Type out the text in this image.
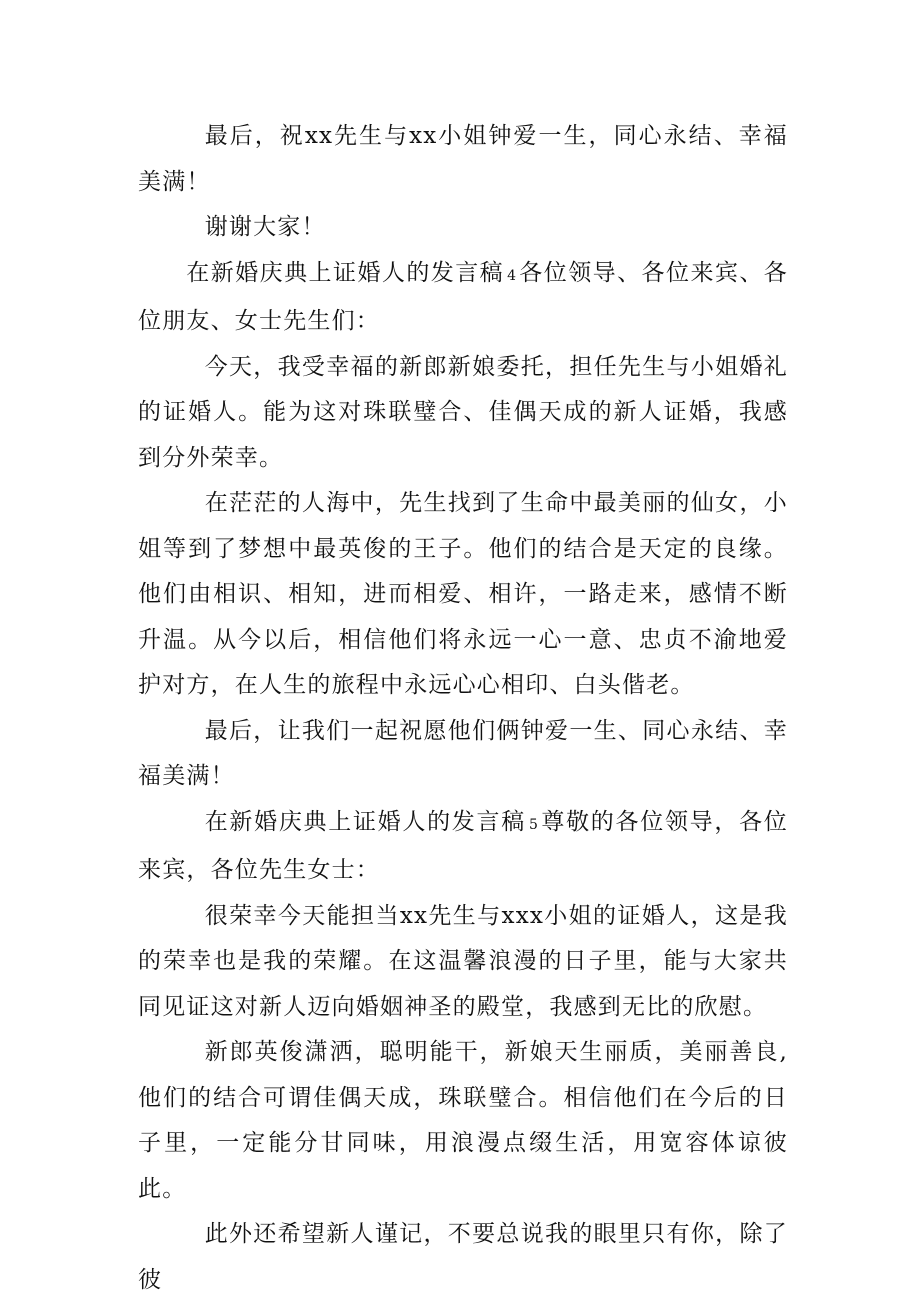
最后，祝xx先生与xx小姐钟爱一生，同心永结、幸福美满！

谢谢大家！

在新婚庆典上证婚人的发言稿 4 各位领导、各位来宾、各位朋友、女士先生们：

今天，我受幸福的新郎新娘委托，担任先生与小姐婚礼的证婚人。能为这对珠联璧合、佳偶天成的新人证婚，我感到分外荣幸。

在茫茫的人海中，先生找到了生命中最美丽的仙女，小姐等到了梦想中最英俊的王子。他们的结合是天定的良缘。他们由相识、相知，进而相爱、相许，一路走来，感情不断升温。从今以后，相信他们将永远一心一意、忠贞不渝地爱护对方，在人生的旅程中永远心心相印、白头偕老。

最后，让我们一起祝愿他们俩钟爱一生、同心永结、幸福美满！

在新婚庆典上证婚人的发言稿 5 尊敬的各位领导，各位来宾，各位先生女士：

很荣幸今天能担当xx先生与xxx小姐的证婚人，这是我的荣幸也是我的荣耀。在这温馨浪漫的日子里，能与大家共同见证这对新人迈向婚姻神圣的殿堂，我感到无比的欣慰。

新郎英俊潇洒，聪明能干，新娘天生丽质，美丽善良,他们的结合可谓佳偶天成，珠联璧合。相信他们在今后的日子里，一定能分甘同味，用浪漫点缀生活，用宽容体谅彼此。

此外还希望新人谨记，不要总说我的眼里只有你，除了彼
